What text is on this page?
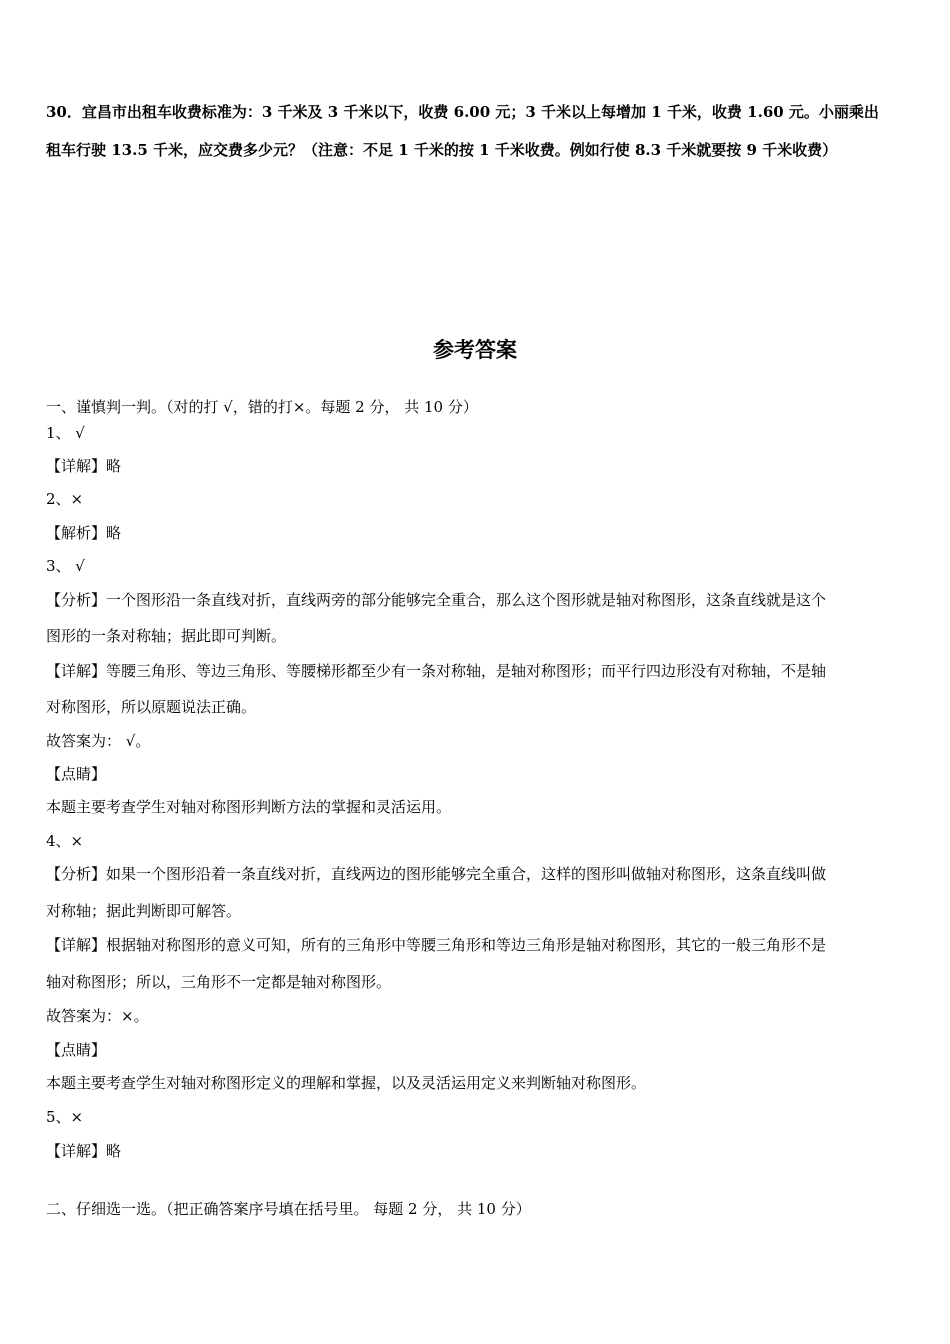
30．宜昌市出租车收费标准为：3 千米及 3 千米以下，收费 6.00 元；3 千米以上每增加 1 千米，收费 1.60 元。小丽乘出
租车行驶 13.5 千米，应交费多少元？（注意：不足 1 千米的按 1 千米收费。例如行使 8.3 千米就要按 9 千米收费）
参考答案
一、谨慎判一判。（对的打 √，错的打×。每题 2 分， 共 10 分）
1、 √
【详解】略
2、×
【解析】略
3、 √
【分析】一个图形沿一条直线对折，直线两旁的部分能够完全重合，那么这个图形就是轴对称图形，这条直线就是这个
图形的一条对称轴；据此即可判断。
【详解】等腰三角形、等边三角形、等腰梯形都至少有一条对称轴，是轴对称图形；而平行四边形没有对称轴，不是轴
对称图形，所以原题说法正确。
故答案为： √。
【点睛】
本题主要考查学生对轴对称图形判断方法的掌握和灵活运用。
4、×
【分析】如果一个图形沿着一条直线对折，直线两边的图形能够完全重合，这样的图形叫做轴对称图形，这条直线叫做
对称轴；据此判断即可解答。
【详解】根据轴对称图形的意义可知，所有的三角形中等腰三角形和等边三角形是轴对称图形，其它的一般三角形不是
轴对称图形；所以，三角形不一定都是轴对称图形。
故答案为：×。
【点睛】
本题主要考查学生对轴对称图形定义的理解和掌握，以及灵活运用定义来判断轴对称图形。
5、×
【详解】略
二、仔细选一选。（把正确答案序号填在括号里。 每题 2 分， 共 10 分）
